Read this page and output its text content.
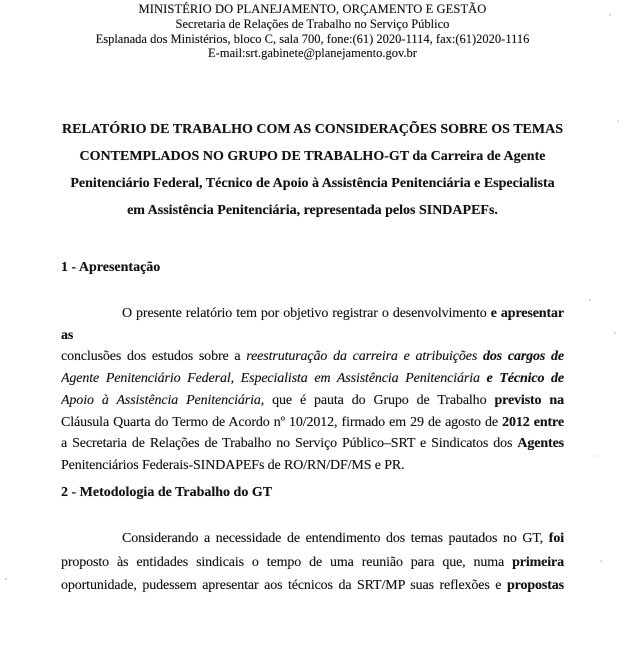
MINISTÉRIO DO PLANEJAMENTO, ORÇAMENTO E GESTÃO
Secretaria de Relações de Trabalho no Serviço Público
Esplanada dos Ministérios, bloco C, sala 700, fone:(61) 2020-1114, fax:(61)2020-1116
E-mail:srt.gabinete@planejamento.gov.br
RELATÓRIO DE TRABALHO COM AS CONSIDERAÇÕES SOBRE OS TEMAS
CONTEMPLADOS NO GRUPO DE TRABALHO-GT da Carreira de Agente
Penitenciário Federal, Técnico de Apoio à Assistência Penitenciária e Especialista
em Assistência Penitenciária, representada pelos SINDAPEFs.
1 - Apresentação
O presente relatório tem por objetivo registrar o desenvolvimento e apresentar as
conclusões dos estudos sobre a reestruturação da carreira e atribuições dos cargos de
Agente Penitenciário Federal, Especialista em Assistência Penitenciária e Técnico de
Apoio à Assistência Penitenciária, que é pauta do Grupo de Trabalho previsto na
Cláusula Quarta do Termo de Acordo nº 10/2012, firmado em 29 de agosto de 2012 entre
a Secretaria de Relações de Trabalho no Serviço Público–SRT e Sindicatos dos Agentes
Penitenciários Federais-SINDAPEFs de RO/RN/DF/MS e PR.
2 - Metodologia de Trabalho do GT
Considerando a necessidade de entendimento dos temas pautados no GT, foi
proposto às entidades sindicais o tempo de uma reunião para que, numa primeira
oportunidade, pudessem apresentar aos técnicos da SRT/MP suas reflexões e propostas
